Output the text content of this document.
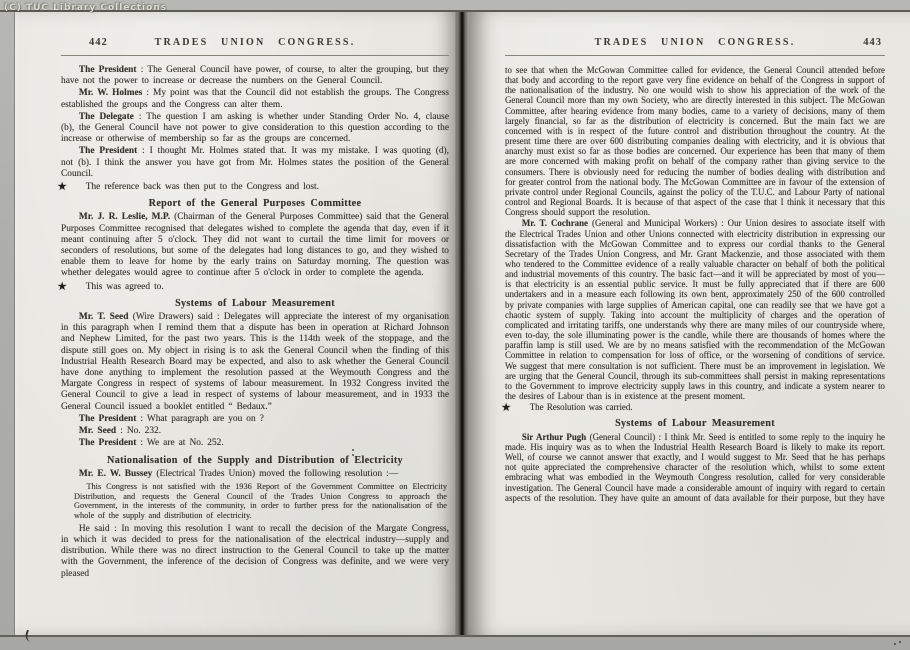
(C) TUC Library Collections
442	TRADES UNION CONGRESS.

The President : The General Council have power, of course, to alter the grouping, but they have not the power to increase or decrease the numbers on the General Council.

Mr. W. Holmes : My point was that the Council did not establish the groups. The Congress established the groups and the Congress can alter them.

The Delegate : The question I am asking is whether under Standing Order No. 4, clause (b), the General Council have not power to give consideration to this question according to the increase or otherwise of membership so far as the groups are concerned.

The President : I thought Mr. Holmes stated that. It was my mistake. I was quoting (d), not (b). I think the answer you have got from Mr. Holmes states the position of the General Council.

★ The reference back was then put to the Congress and lost.

Report of the General Purposes Committee

Mr. J. R. Leslie, M.P. (Chairman of the General Purposes Committee) said that the General Purposes Committee recognised that delegates wished to complete the agenda that day, even if it meant continuing after 5 o'clock. They did not want to curtail the time limit for movers or seconders of resolutions, but some of the delegates had long distances to go, and they wished to enable them to leave for home by the early trains on Saturday morning. The question was whether delegates would agree to continue after 5 o'clock in order to complete the agenda.

★ This was agreed to.

Systems of Labour Measurement

Mr. T. Seed (Wire Drawers) said : Delegates will appreciate the interest of my organisation in this paragraph when I remind them that a dispute has been in operation at Richard Johnson and Nephew Limited, for the past two years. This is the 114th week of the stoppage, and the dispute still goes on. My object in rising is to ask the General Council when the finding of this Industrial Health Research Board may be expected, and also to ask whether the General Council have done anything to implement the resolution passed at the Weymouth Congress and the Margate Congress in respect of systems of labour measurement. In 1932 Congress invited the General Council to give a lead in respect of systems of labour measurement, and in 1933 the General Council issued a booklet entitled “ Bedaux.”

The President : What paragraph are you on ?

Mr. Seed : No. 232.

The President : We are at No. 252.

Nationalisation of the Supply and Distribution of Electricity

Mr. E. W. Bussey (Electrical Trades Union) moved the following resolution :—

This Congress is not satisfied with the 1936 Report of the Government Committee on Electricity Distribution, and requests the General Council of the Trades Union Congress to approach the Government, in the interests of the community, in order to further press for the nationalisation of the whole of the supply and distribution of electricity.

He said : In moving this resolution I want to recall the decision of the Margate Congress, in which it was decided to press for the nationalisation of the electrical industry—supply and distribution. While there was no direct instruction to the General Council to take up the matter with the Government, the inference of the decision of Congress was definite, and we were very pleased

TRADES UNION CONGRESS.	443

to see that when the McGowan Committee called for evidence, the General Council attended before that body and according to the report gave very fine evidence on behalf of the Congress in support of the nationalisation of the industry. No one would wish to show his appreciation of the work of the General Council more than my own Society, who are directly interested in this subject. The McGowan Committee, after hearing evidence from many bodies, came to a variety of decisions, many of them largely financial, so far as the distribution of electricity is concerned. But the main fact we are concerned with is in respect of the future control and distribution throughout the country. At the present time there are over 600 distributing companies dealing with electricity, and it is obvious that anarchy must exist so far as those bodies are concerned. Our experience has been that many of them are more concerned with making profit on behalf of the company rather than giving service to the consumers. There is obviously need for reducing the number of bodies dealing with distribution and for greater control from the national body. The McGowan Committee are in favour of the extension of private control under Regional Councils, against the policy of the T.U.C. and Labour Party of national control and Regional Boards. It is because of that aspect of the case that I think it necessary that this Congress should support the resolution.

Mr. T. Cochrane (General and Municipal Workers) : Our Union desires to associate itself with the Electrical Trades Union and other Unions connected with electricity distribution in expressing our dissatisfaction with the McGowan Committee and to express our cordial thanks to the General Secretary of the Trades Union Congress, and Mr. Grant Mackenzie, and those associated with them who tendered to the Committee evidence of a really valuable character on behalf of both the political and industrial movements of this country. The basic fact—and it will be appreciated by most of you—is that electricity is an essential public service. It must be fully appreciated that if there are 600 undertakers and in a measure each following its own bent, approximately 250 of the 600 controlled by private companies with large supplies of American capital, one can readily see that we have got a chaotic system of supply. Taking into account the multiplicity of charges and the operation of complicated and irritating tariffs, one understands why there are many miles of our countryside where, even to-day, the sole illuminating power is the candle, while there are thousands of homes where the paraffin lamp is still used. We are by no means satisfied with the recommendation of the McGowan Committee in relation to compensation for loss of office, or the worsening of conditions of service. We suggest that mere consultation is not sufficient. There must be an improvement in legislation. We are urging that the General Council, through its sub-committees shall persist in making representations to the Government to improve electricity supply laws in this country, and indicate a system nearer to the desires of Labour than is in existence at the present moment.

★ The Resolution was carried.

Systems of Labour Measurement

Sir Arthur Pugh (General Council) : I think Mr. Seed is entitled to some reply to the inquiry he made. His inquiry was as to when the Industrial Health Research Board is likely to make its report. Well, of course we cannot answer that exactly, and I would suggest to Mr. Seed that he has perhaps not quite appreciated the comprehensive character of the resolution which, whilst to some extent embracing what was embodied in the Weymouth Congress resolution, called for very considerable investigation. The General Council have made a considerable amount of inquiry with regard to certain aspects of the resolution. They have quite an amount of data available for their purpose, but they have
